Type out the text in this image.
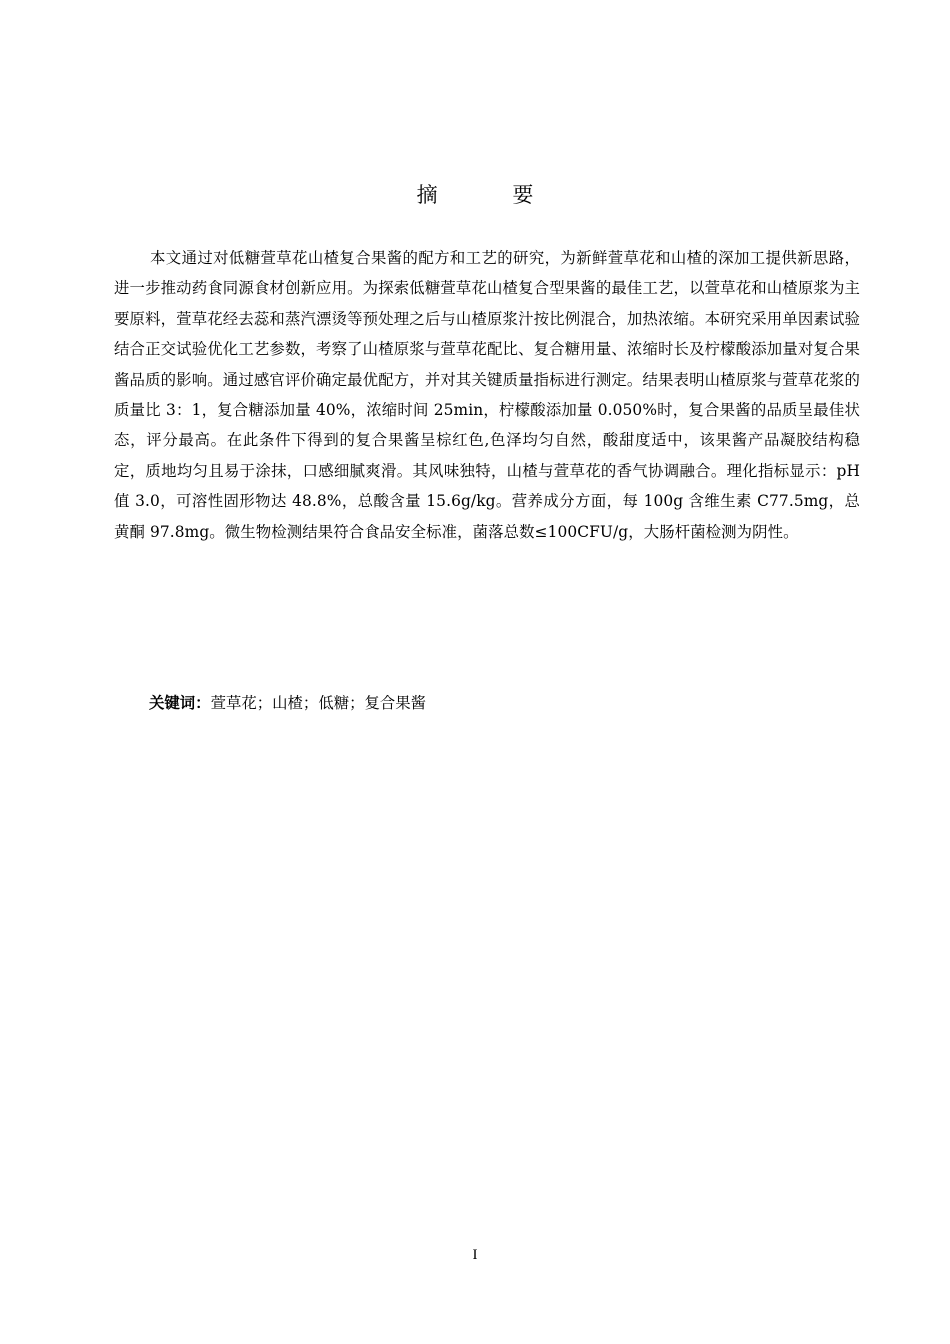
摘 要

本文通过对低糖萱草花山楂复合果酱的配方和工艺的研究，为新鲜萱草花和山楂的深加工提供新思路，进一步推动药食同源食材创新应用。为探索低糖萱草花山楂复合型果酱的最佳工艺，以萱草花和山楂原浆为主要原料，萱草花经去蕊和蒸汽漂烫等预处理之后与山楂原浆汁按比例混合，加热浓缩。本研究采用单因素试验结合正交试验优化工艺参数，考察了山楂原浆与萱草花配比、复合糖用量、浓缩时长及柠檬酸添加量对复合果酱品质的影响。通过感官评价确定最优配方，并对其关键质量指标进行测定。结果表明山楂原浆与萱草花浆的质量比 3：1，复合糖添加量 40%，浓缩时间 25min，柠檬酸添加量 0.050%时，复合果酱的品质呈最佳状态，评分最高。在此条件下得到的复合果酱呈棕红色,色泽均匀自然，酸甜度适中，该果酱产品凝胶结构稳定，质地均匀且易于涂抹，口感细腻爽滑。其风味独特，山楂与萱草花的香气协调融合。理化指标显示：pH 值 3.0，可溶性固形物达 48.8%，总酸含量 15.6g/kg。营养成分方面，每 100g 含维生素 C77.5mg，总黄酮 97.8mg。微生物检测结果符合食品安全标准，菌落总数≤100CFU/g，大肠杆菌检测为阴性。

关键词：萱草花；山楂；低糖；复合果酱

I
